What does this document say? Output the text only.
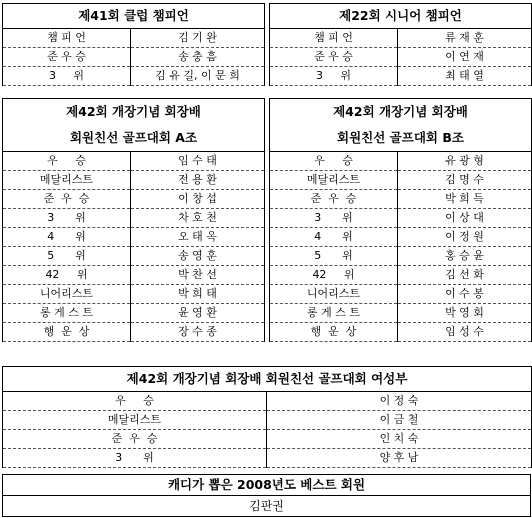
제41회 클럽 챔피언	
챔 피 언	김 기 완
준 우 승	송 충 흠
3     위	김 유 길, 이 문 희
제22회 시니어 챔피언	
챔 피 언	류 재 훈
준 우 승	이 연 재
3     위	최 태 열
제42회 개장기념 회장배	
회원친선 골프대회 A조	
우     승	임 수 태
메달리스트	전 용 환
준  우  승	이 창 섭
3      위	차 호 천
4      위	오 태 옥
5      위	송 영 훈
42     위	박 찬 선
니어리스트	박 희 태
롱 게 스 트	윤 영 환
행  운  상	장 수 종
제42회 개장기념 회장배	
회원친선 골프대회 B조	
우     승	유 광 형
메달리스트	김 명 수
준  우  승	박 희 득
3      위	이 상 대
4      위	이 정 원
5      위	홍 승 윤
42     위	김 선 화
니어리스트	이 수 봉
롱 게 스 트	박 영 회
행  운  상	임 성 수
제42회 개장기념 회장배 회원친선 골프대회 여성부	
우     승	이 정 숙
메달리스트	이 금 철
준  우  승	인 치 숙
3      위	양 후 남
캐디가 뽑은 2008년도 베스트 회원
김판권
